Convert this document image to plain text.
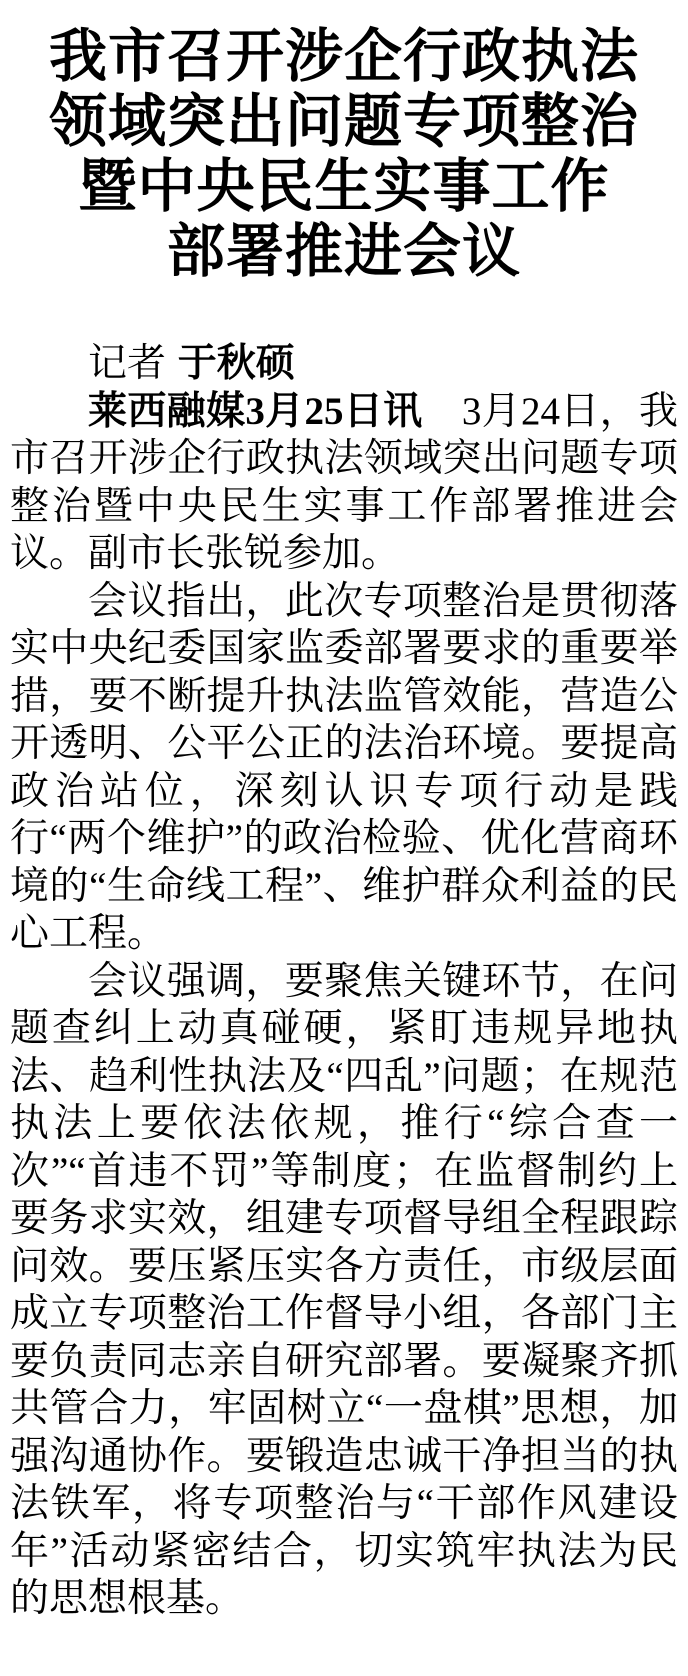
我市召开涉企行政执法
领域突出问题专项整治
暨中央民生实事工作
部署推进会议

记者 于秋硕

莱西融媒3月25日讯　3月24日，我市召开涉企行政执法领域突出问题专项整治暨中央民生实事工作部署推进会议。副市长张锐参加。

会议指出，此次专项整治是贯彻落实中央纪委国家监委部署要求的重要举措，要不断提升执法监管效能，营造公开透明、公平公正的法治环境。要提高政治站位，深刻认识专项行动是践行“两个维护”的政治检验、优化营商环境的“生命线工程”、维护群众利益的民心工程。

会议强调，要聚焦关键环节，在问题查纠上动真碰硬，紧盯违规异地执法、趋利性执法及“四乱”问题；在规范执法上要依法依规，推行“综合查一次”“首违不罚”等制度；在监督制约上要务求实效，组建专项督导组全程跟踪问效。要压紧压实各方责任，市级层面成立专项整治工作督导小组，各部门主要负责同志亲自研究部署。要凝聚齐抓共管合力，牢固树立“一盘棋”思想，加强沟通协作。要锻造忠诚干净担当的执法铁军，将专项整治与“干部作风建设年”活动紧密结合，切实筑牢执法为民的思想根基。
